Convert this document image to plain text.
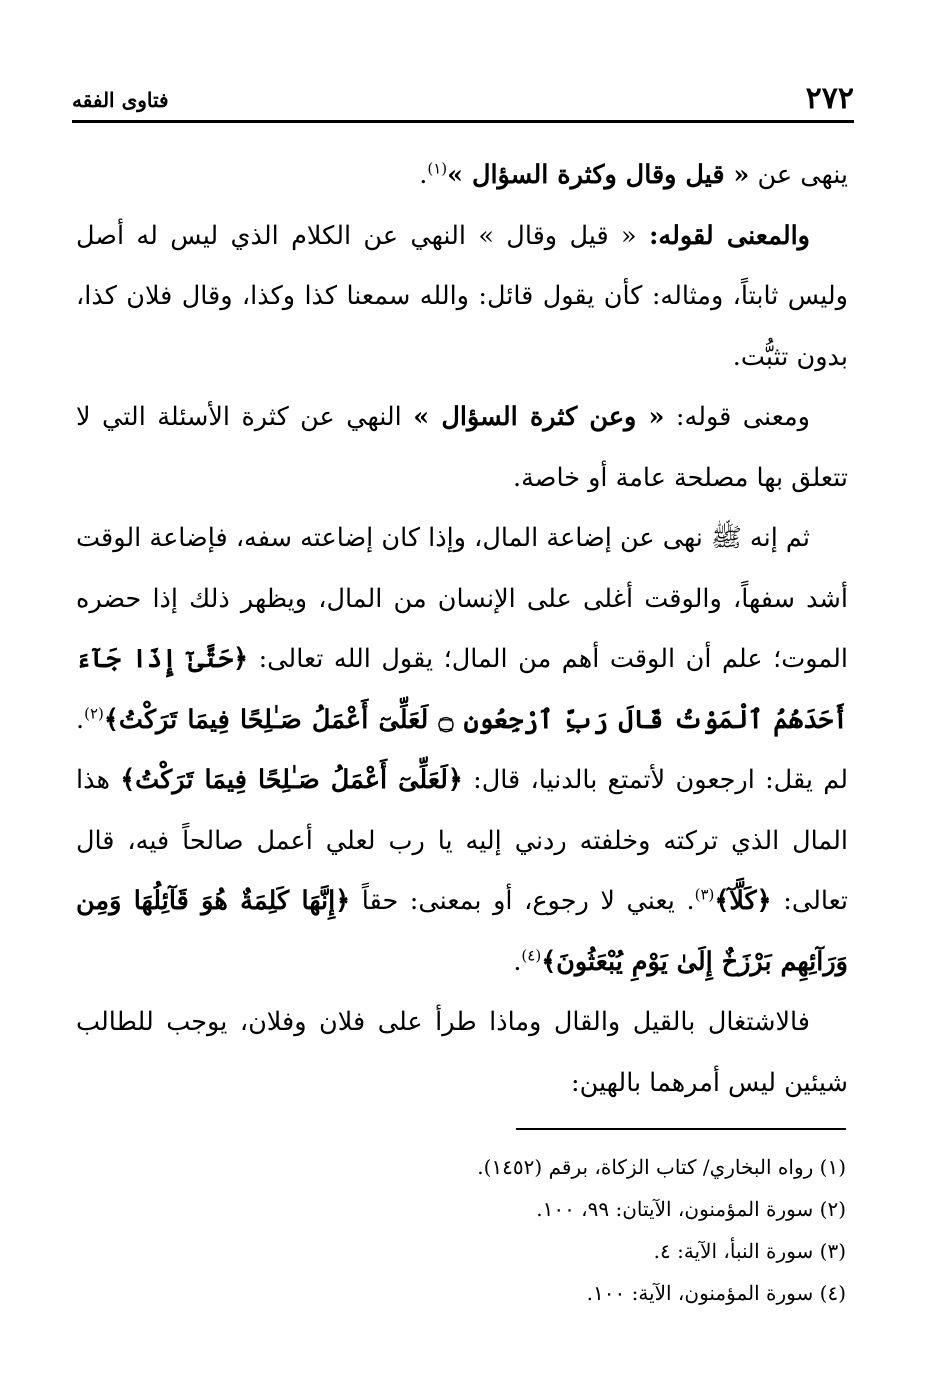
٢٧٢
فتاوى الفقه

ينهى عن « قيل وقال وكثرة السؤال »$^{(١)}$.

والمعنى لقوله: « قيل وقال » النهي عن الكلام الذي ليس له أصل وليس ثابتاً، ومثاله: كأن يقول قائل: والله سمعنا كذا وكذا، وقال فلان كذا، بدون تثبُّت.

ومعنى قوله: « وعن كثرة السؤال » النهي عن كثرة الأسئلة التي لا تتعلق بها مصلحة عامة أو خاصة.

ثم إنه ﷺ نهى عن إضاعة المال، وإذا كان إضاعته سفه، فإضاعة الوقت أشد سفهاً، والوقت أغلى على الإنسان من المال، ويظهر ذلك إذا حضره الموت؛ علم أن الوقت أهم من المال؛ يقول الله تعالى: ﴿حَتَّىٰٓ إِذَا جَآءَ أَحَدَهُمُ ٱلْمَوْتُ قَالَ رَبِّ ٱرْجِعُونِ ۝ لَعَلِّىٓ أَعْمَلُ صَـٰلِحًا فِيمَا تَرَكْتُ﴾$^{(٢)}$. لم يقل: ارجعون لأتمتع بالدنيا، قال: ﴿لَعَلِّىٓ أَعْمَلُ صَـٰلِحًا فِيمَا تَرَكْتُ﴾ هذا المال الذي تركته وخلفته ردني إليه يا رب لعلي أعمل صالحاً فيه، قال تعالى: ﴿كَلَّآ﴾$^{(٣)}$. يعني لا رجوع، أو بمعنى: حقاً ﴿إِنَّهَا كَلِمَةٌ هُوَ قَآئِلُهَا وَمِن وَرَآئِهِم بَرْزَخٌ إِلَىٰ يَوْمِ يُبْعَثُونَ﴾$^{(٤)}$.

فالاشتغال بالقيل والقال وماذا طرأ على فلان وفلان، يوجب للطالب شيئين ليس أمرهما بالهين:

(١) رواه البخاري/ كتاب الزكاة، برقم (١٤٥٢).
(٢) سورة المؤمنون، الآيتان: ٩٩، ١٠٠.
(٣) سورة النبأ، الآية: ٤.
(٤) سورة المؤمنون، الآية: ١٠٠.
